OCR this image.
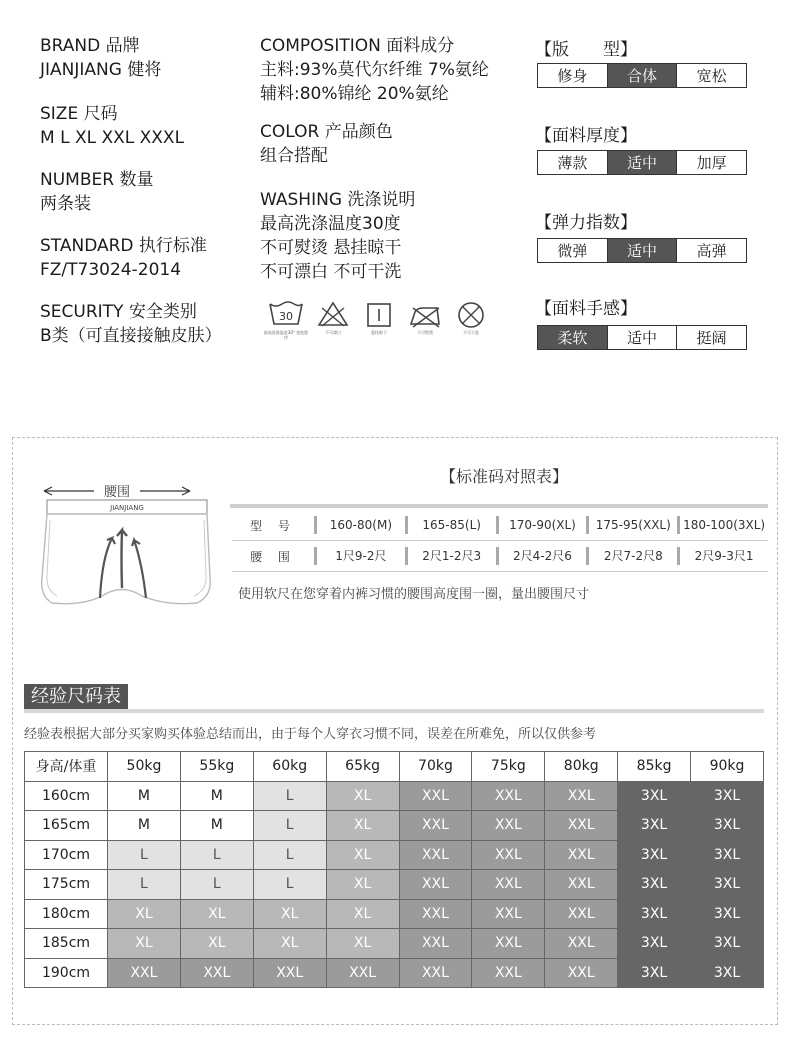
BRAND 品牌
JIANJIANG 健将
SIZE 尺码
M L XL XXL XXXL
NUMBER 数量
两条装
STANDARD 执行标准
FZ/T73024-2014
SECURITY 安全类别
B类（可直接接触皮肤）
COMPOSITION 面料成分
主料:93%莫代尔纤维 7%氨纶
辅料:80%锦纶 20%氨纶
COLOR 产品颜色
组合搭配
WASHING 洗涤说明
最高洗涤温度30度
不可熨烫 悬挂晾干
不可漂白 不可干洗
30
最高洗涤温度30° 宽松程序
不可漂白	悬挂晾干	不可熨烫	不可干洗
【版　　型】
修身	合体	宽松
【面料厚度】
薄款	适中	加厚
【弹力指数】
微弹	适中	高弹
【面料手感】
柔软	适中	挺阔
腰围
JIANJIANG
【标准码对照表】
型 号	160-80(M)	165-85(L)	170-90(XL)	175-95(XXL)	180-100(3XL)
腰 围	1尺9-2尺	2尺1-2尺3	2尺4-2尺6	2尺7-2尺8	2尺9-3尺1
使用软尺在您穿着内裤习惯的腰围高度围一圈，量出腰围尺寸
经验尺码表
经验表根据大部分买家购买体验总结而出，由于每个人穿衣习惯不同，误差在所难免，所以仅供参考
身高/体重	50kg	55kg	60kg	65kg	70kg	75kg	80kg	85kg	90kg
160cm	M	M	L	XL	XXL	XXL	XXL	3XL	3XL
165cm	M	M	L	XL	XXL	XXL	XXL	3XL	3XL
170cm	L	L	L	XL	XXL	XXL	XXL	3XL	3XL
175cm	L	L	L	XL	XXL	XXL	XXL	3XL	3XL
180cm	XL	XL	XL	XL	XXL	XXL	XXL	3XL	3XL
185cm	XL	XL	XL	XL	XXL	XXL	XXL	3XL	3XL
190cm	XXL	XXL	XXL	XXL	XXL	XXL	XXL	3XL	3XL
